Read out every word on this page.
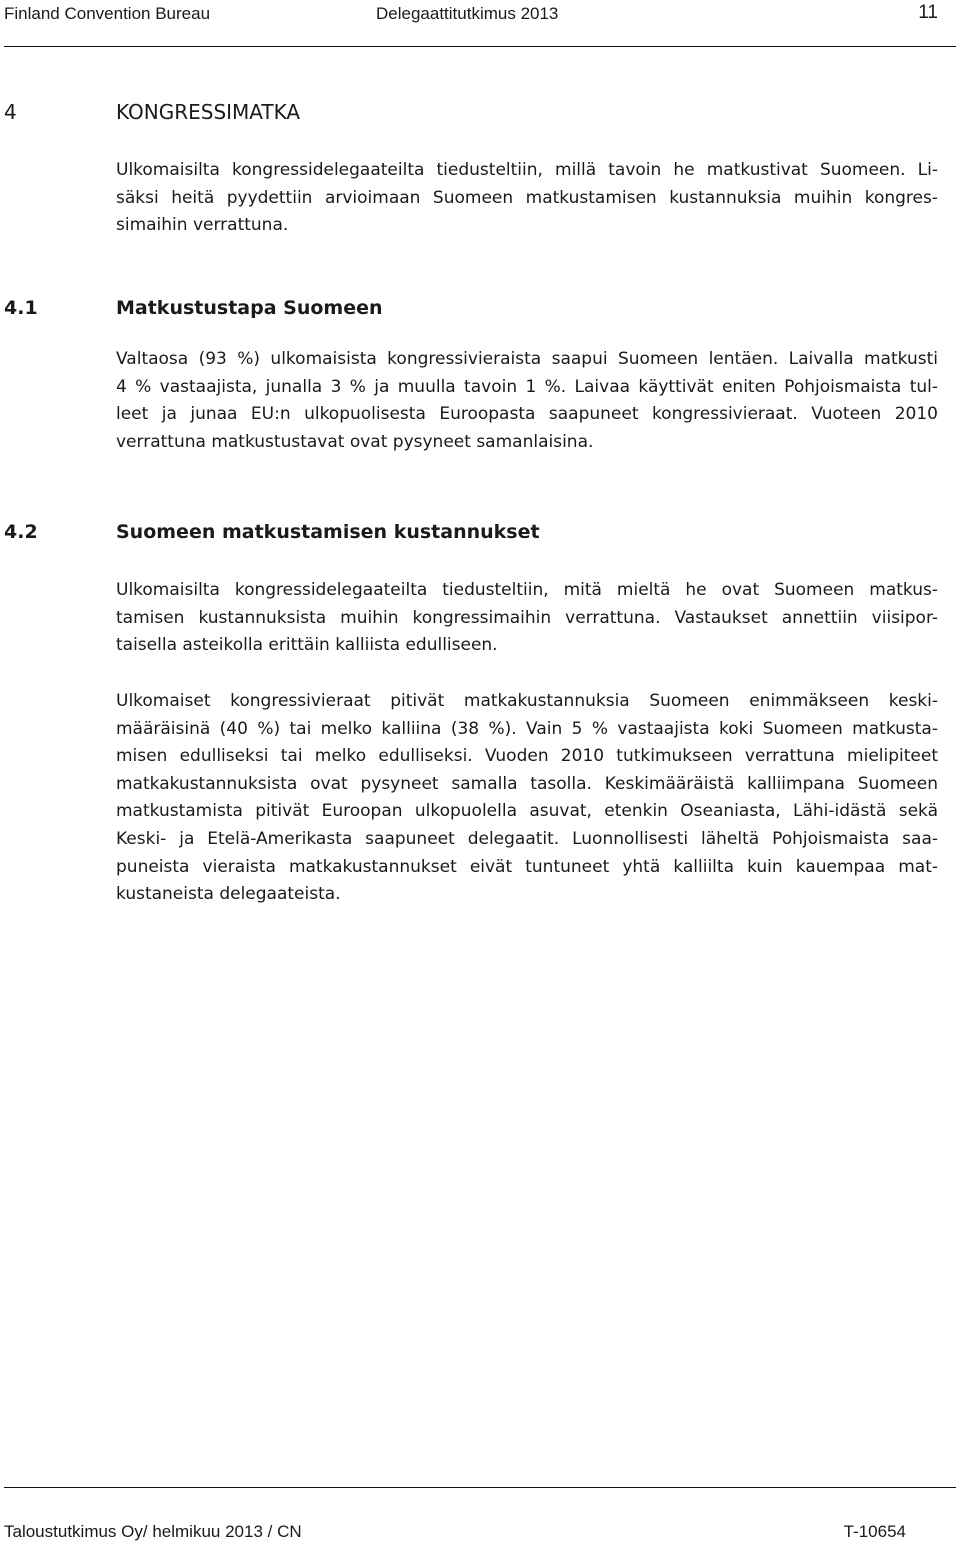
Finland Convention Bureau	Delegaattitutkimus 2013	11
4	KONGRESSIMATKA

Ulkomaisilta kongressidelegaateilta tiedusteltiin, millä tavoin he matkustivat Suomeen. Li-
säksi heitä pyydettiin arvioimaan Suomeen matkustamisen kustannuksia muihin kongres-
simaihin verrattuna.

4.1	Matkustustapa Suomeen

Valtaosa (93 %) ulkomaisista kongressivieraista saapui Suomeen lentäen. Laivalla matkusti
4 % vastaajista, junalla 3 % ja muulla tavoin 1 %. Laivaa käyttivät eniten Pohjoismaista tul-
leet ja junaa EU:n ulkopuolisesta Euroopasta saapuneet kongressivieraat. Vuoteen 2010
verrattuna matkustustavat ovat pysyneet samanlaisina.

4.2	Suomeen matkustamisen kustannukset

Ulkomaisilta kongressidelegaateilta tiedusteltiin, mitä mieltä he ovat Suomeen matkus-
tamisen kustannuksista muihin kongressimaihin verrattuna. Vastaukset annettiin viisipor-
taisella asteikolla erittäin kalliista edulliseen.

Ulkomaiset kongressivieraat pitivät matkakustannuksia Suomeen enimmäkseen keski-
määräisinä (40 %) tai melko kalliina (38 %). Vain 5 % vastaajista koki Suomeen matkusta-
misen edulliseksi tai melko edulliseksi. Vuoden 2010 tutkimukseen verrattuna mielipiteet
matkakustannuksista ovat pysyneet samalla tasolla. Keskimääräistä kalliimpana Suomeen
matkustamista pitivät Euroopan ulkopuolella asuvat, etenkin Oseaniasta, Lähi-idästä sekä
Keski- ja Etelä-Amerikasta saapuneet delegaatit. Luonnollisesti läheltä Pohjoismaista saa-
puneista vieraista matkakustannukset eivät tuntuneet yhtä kalliilta kuin kauempaa mat-
kustaneista delegaateista.

Taloustutkimus Oy/ helmikuu 2013 / CN	T-10654
